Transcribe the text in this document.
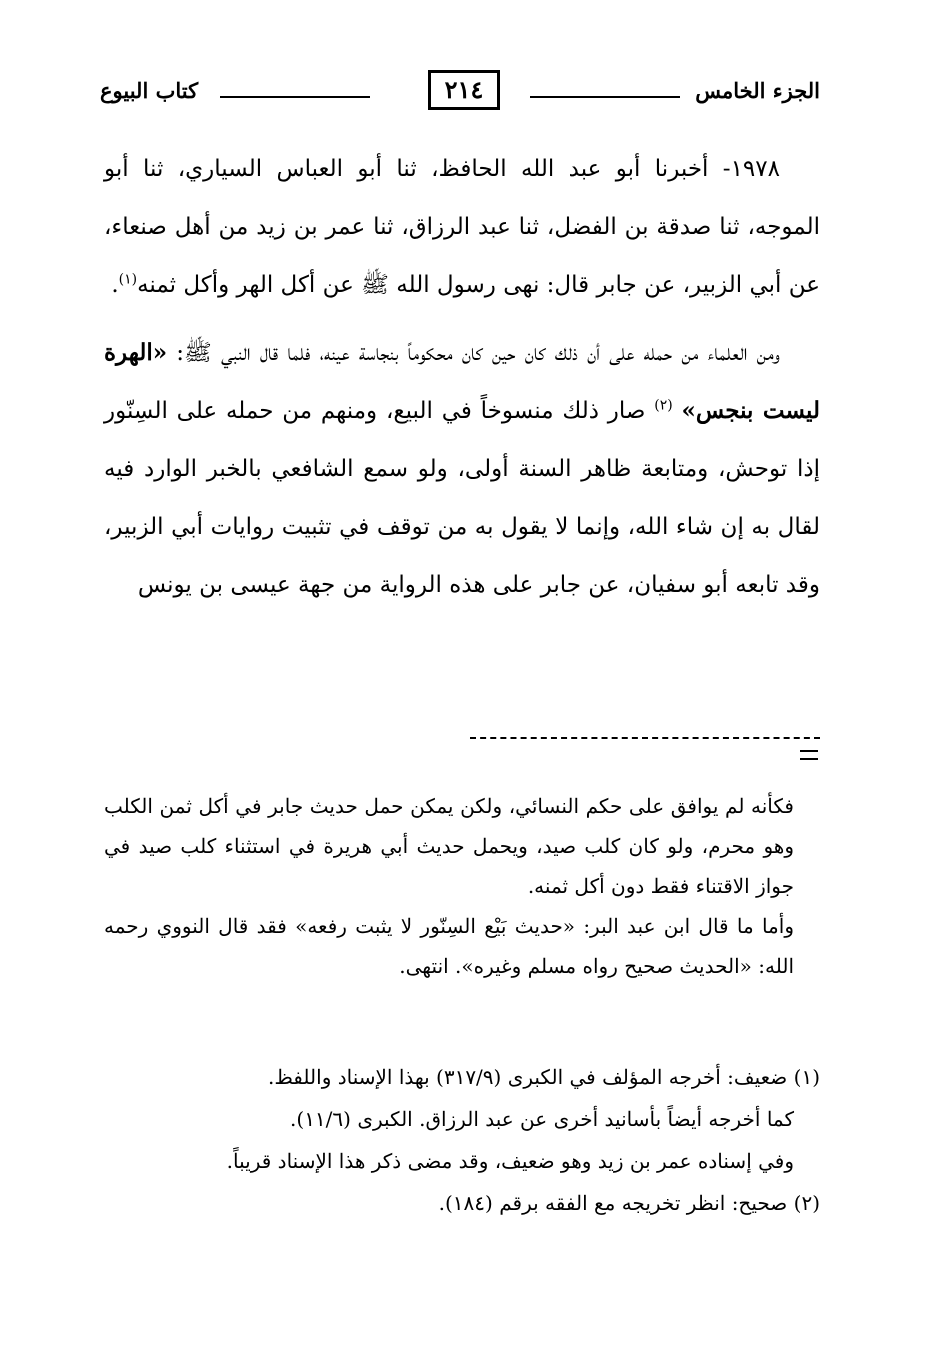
الجزء الخامس
٢١٤
كتاب البيوع

١٩٧٨- أخبرنا أبو عبد الله الحافظ، ثنا أبو العباس السياري، ثنا أبو الموجه، ثنا صدقة بن الفضل، ثنا عبد الرزاق، ثنا عمر بن زيد من أهل صنعاء، عن أبي الزبير، عن جابر قال: نهى رسول الله ﷺ عن أكل الهر وأكل ثمنه$^{(١)}$.

ومن العلماء من حمله على أن ذلك كان حين كان محكوماً بنجاسة عينه، فلما قال النبي ﷺ: «الهرة ليست بنجس» $^{(٢)}$ صار ذلك منسوخاً في البيع، ومنهم من حمله على السِنّور إذا توحش، ومتابعة ظاهر السنة أولى، ولو سمع الشافعي بالخبر الوارد فيه لقال به إن شاء الله، وإنما لا يقول به من توقف في تثبيت روايات أبي الزبير، وقد تابعه أبو سفيان، عن جابر على هذه الرواية من جهة عيسى بن يونس

فكأنه لم يوافق على حكم النسائي، ولكن يمكن حمل حديث جابر في أكل ثمن الكلب وهو محرم، ولو كان كلب صيد، ويحمل حديث أبي هريرة في استثناء كلب صيد في جواز الاقتناء فقط دون أكل ثمنه.

وأما ما قال ابن عبد البر: «حديث بَيْع السِنّور لا يثبت رفعه» فقد قال النووي رحمه الله: «الحديث صحيح رواه مسلم وغيره». انتهى.

(١) ضعيف: أخرجه المؤلف في الكبرى (٣١٧/٩) بهذا الإسناد واللفظ.

كما أخرجه أيضاً بأسانيد أخرى عن عبد الرزاق. الكبرى (١١/٦).

وفي إسناده عمر بن زيد وهو ضعيف، وقد مضى ذكر هذا الإسناد قريباً.

(٢) صحيح: انظر تخريجه مع الفقه برقم (١٨٤).
